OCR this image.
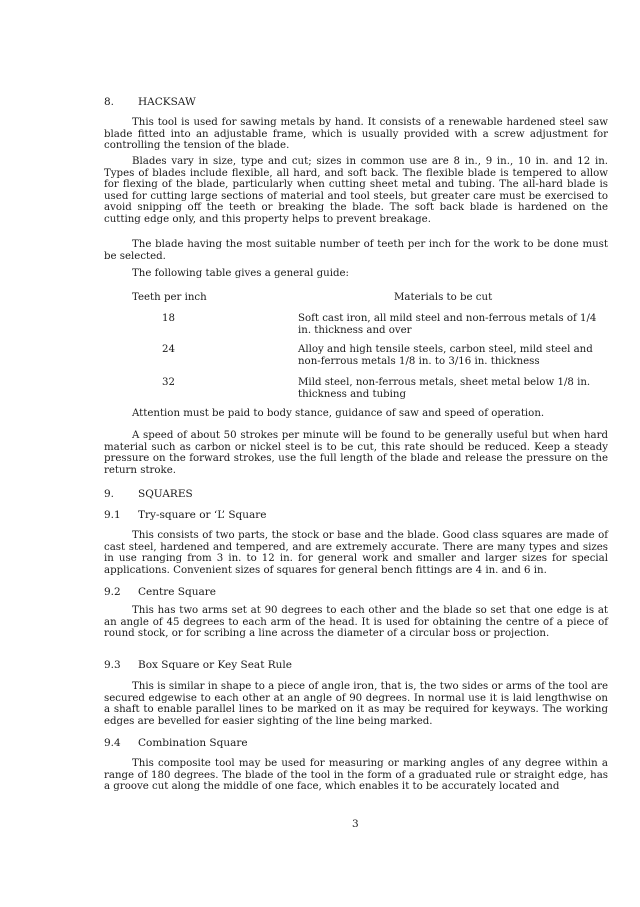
8. HACKSAW

This tool is used for sawing metals by hand. It consists of a renewable hardened steel saw blade fitted into an adjustable frame, which is usually provided with a screw adjustment for controlling the tension of the blade.

Blades vary in size, type and cut; sizes in common use are 8 in., 9 in., 10 in. and 12 in. Types of blades include flexible, all hard, and soft back. The flexible blade is tempered to allow for flexing of the blade, particularly when cutting sheet metal and tubing. The all-hard blade is used for cutting large sections of material and tool steels, but greater care must be exercised to avoid snipping off the teeth or breaking the blade. The soft back blade is hardened on the cutting edge only, and this property helps to prevent breakage.

The blade having the most suitable number of teeth per inch for the work to be done must be selected.

The following table gives a general guide:
Teeth per inch	Materials to be cut
18	Soft cast iron, all mild steel and non-ferrous metals of 1/4 in. thickness and over
24	Alloy and high tensile steels, carbon steel, mild steel and non-ferrous metals 1/8 in. to 3/16 in. thickness
32	Mild steel, non-ferrous metals, sheet metal below 1/8 in. thickness and tubing
Attention must be paid to body stance, guidance of saw and speed of operation.

A speed of about 50 strokes per minute will be found to be generally useful but when hard material such as carbon or nickel steel is to be cut, this rate should be reduced. Keep a steady pressure on the forward strokes, use the full length of the blade and release the pressure on the return stroke.

9. SQUARES
9.1 Try-square or ‘L’ Square

This consists of two parts, the stock or base and the blade. Good class squares are made of cast steel, hardened and tempered, and are extremely accurate. There are many types and sizes in use ranging from 3 in. to 12 in. for general work and smaller and larger sizes for special applications. Convenient sizes of squares for general bench fittings are 4 in. and 6 in.

9.2 Centre Square

This has two arms set at 90 degrees to each other and the blade so set that one edge is at an angle of 45 degrees to each arm of the head. It is used for obtaining the centre of a piece of round stock, or for scribing a line across the diameter of a circular boss or projection.

9.3 Box Square or Key Seat Rule

This is similar in shape to a piece of angle iron, that is, the two sides or arms of the tool are secured edgewise to each other at an angle of 90 degrees. In normal use it is laid lengthwise on a shaft to enable parallel lines to be marked on it as may be required for keyways. The working edges are bevelled for easier sighting of the line being marked.

9.4 Combination Square

This composite tool may be used for measuring or marking angles of any degree within a range of 180 degrees. The blade of the tool in the form of a graduated rule or straight edge, has a groove cut along the middle of one face, which enables it to be accurately located and

3
